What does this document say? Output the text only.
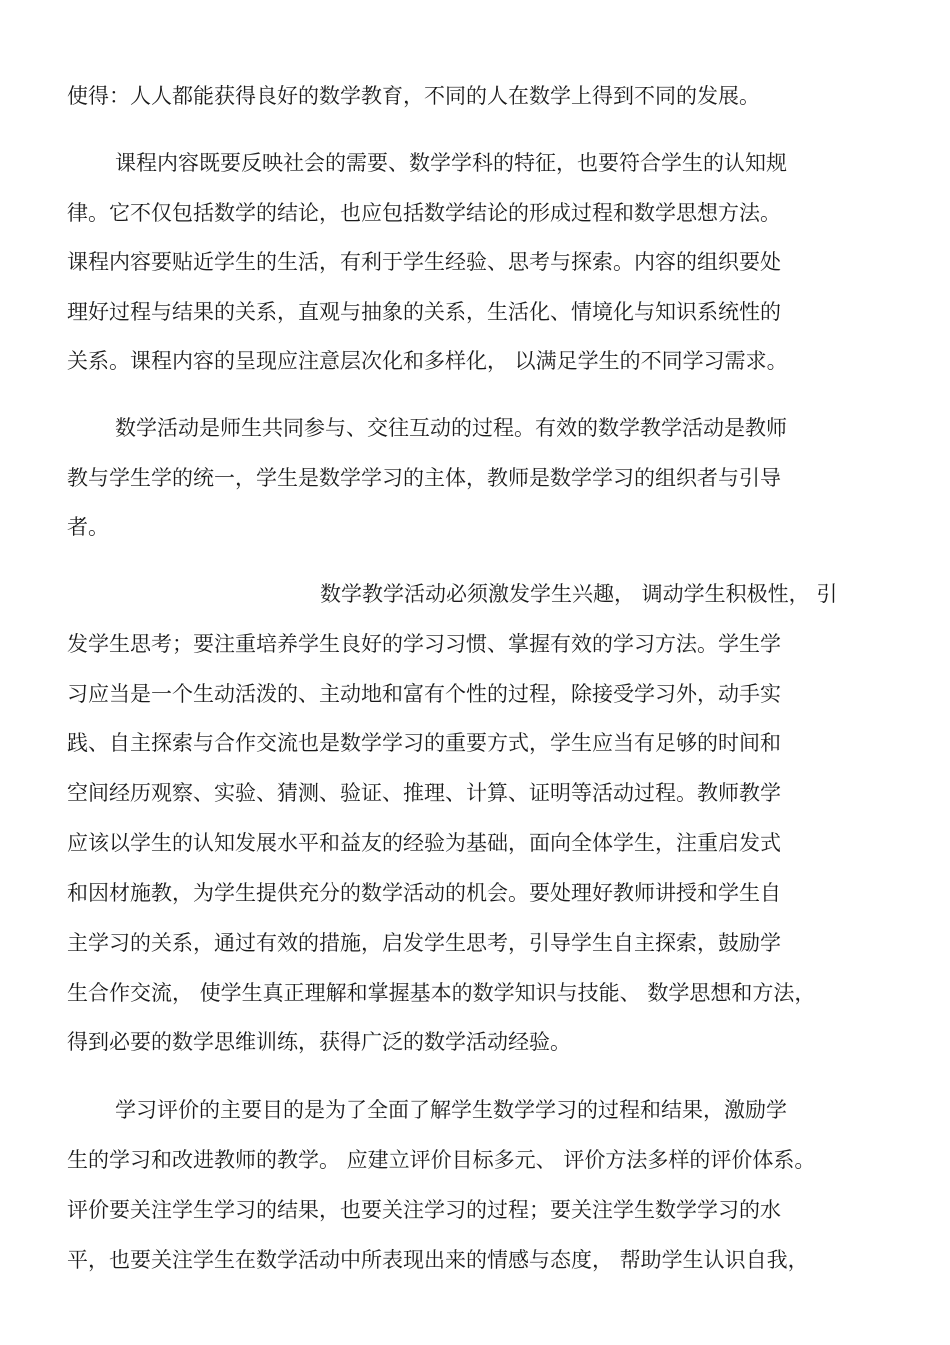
使得：人人都能获得良好的数学教育，不同的人在数学上得到不同的发展。
课程内容既要反映社会的需要、数学学科的特征，也要符合学生的认知规
律。它不仅包括数学的结论，也应包括数学结论的形成过程和数学思想方法。
课程内容要贴近学生的生活，有利于学生经验、思考与探索。内容的组织要处
理好过程与结果的关系，直观与抽象的关系，生活化、情境化与知识系统性的
关系。课程内容的呈现应注意层次化和多样化， 以满足学生的不同学习需求。
数学活动是师生共同参与、交往互动的过程。有效的数学教学活动是教师
教与学生学的统一，学生是数学学习的主体，教师是数学学习的组织者与引导
者。
数学教学活动必须激发学生兴趣， 调动学生积极性， 引
发学生思考；要注重培养学生良好的学习习惯、掌握有效的学习方法。学生学
习应当是一个生动活泼的、主动地和富有个性的过程，除接受学习外，动手实
践、自主探索与合作交流也是数学学习的重要方式，学生应当有足够的时间和
空间经历观察、实验、猜测、验证、推理、计算、证明等活动过程。教师教学
应该以学生的认知发展水平和益友的经验为基础，面向全体学生，注重启发式
和因材施教，为学生提供充分的数学活动的机会。要处理好教师讲授和学生自
主学习的关系，通过有效的措施，启发学生思考，引导学生自主探索，鼓励学
生合作交流， 使学生真正理解和掌握基本的数学知识与技能、 数学思想和方法，
得到必要的数学思维训练，获得广泛的数学活动经验。
学习评价的主要目的是为了全面了解学生数学学习的过程和结果，激励学
生的学习和改进教师的教学。 应建立评价目标多元、 评价方法多样的评价体系。
评价要关注学生学习的结果，也要关注学习的过程；要关注学生数学学习的水
平，也要关注学生在数学活动中所表现出来的情感与态度， 帮助学生认识自我，
